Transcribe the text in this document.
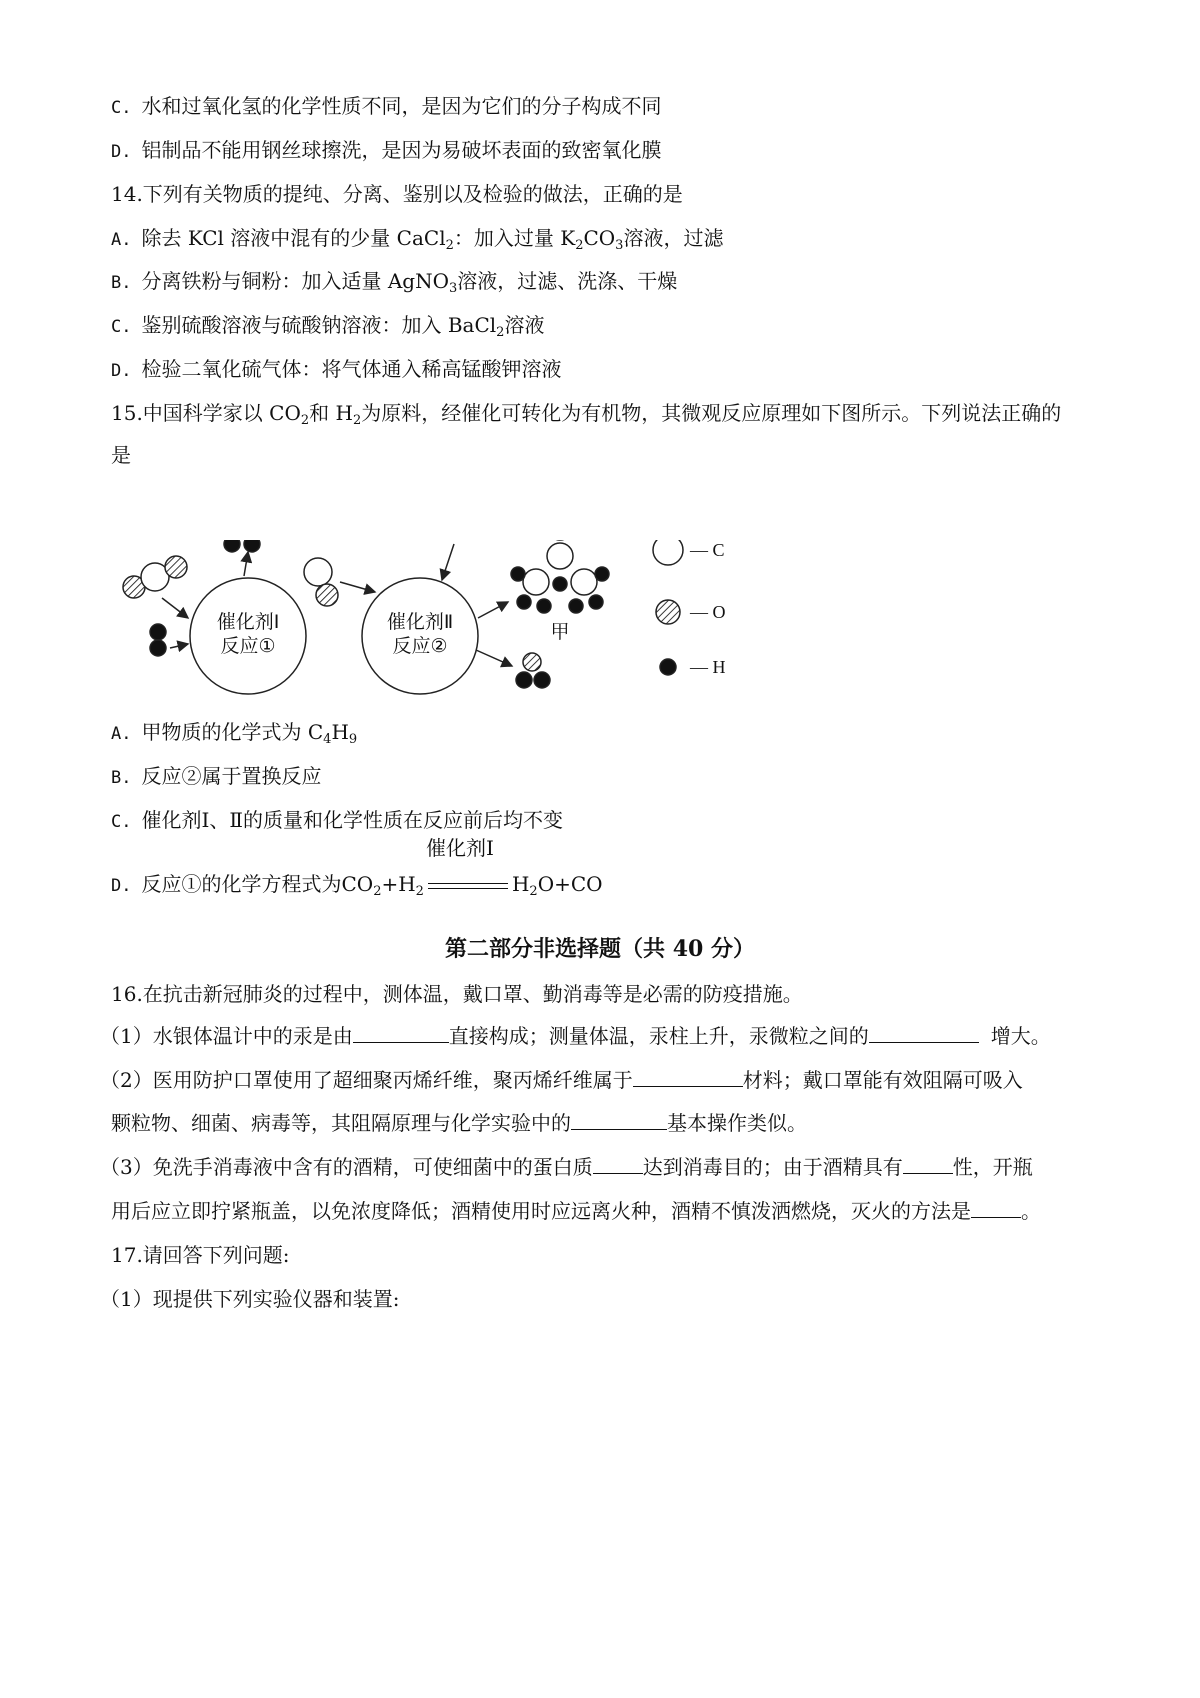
C. 水和过氧化氢的化学性质不同，是因为它们的分子构成不同
D. 铝制品不能用钢丝球擦洗，是因为易破坏表面的致密氧化膜
14.下列有关物质的提纯、分离、鉴别以及检验的做法，正确的是
A. 除去 KCl 溶液中混有的少量 CaCl$_2$：加入过量 $K_2CO_3$溶液，过滤
B. 分离铁粉与铜粉：加入适量 AgNO$_3$溶液，过滤、洗涤、干燥
C. 鉴别硫酸溶液与硫酸钠溶液：加入 BaCl$_2$溶液
D. 检验二氧化硫气体：将气体通入稀高锰酸钾溶液
15.中国科学家以 $CO_2$和 $H_2$为原料，经催化可转化为有机物，其微观反应原理如下图所示。下列说法正确的
是
催化剂Ⅰ
反应①
催化剂Ⅱ
反应②
甲
— C
— O
— H
A. 甲物质的化学式为 $C_4H_9$
B. 反应②属于置换反应
C. 催化剂Ⅰ、Ⅱ的质量和化学性质在反应前后均不变
D. 反应①的化学方程式为$CO_2+H_2$
催化剂I
$H_2O+CO$
第二部分非选择题（共 40 分）
16.在抗击新冠肺炎的过程中，测体温，戴口罩、勤消毒等是必需的防疫措施。
（1）水银体温计中的汞是由	直接构成；测量体温，汞柱上升，汞微粒之间的	增大。
（2）医用防护口罩使用了超细聚丙烯纤维，聚丙烯纤维属于	材料；戴口罩能有效阻隔可吸入
颗粒物、细菌、病毒等，其阻隔原理与化学实验中的	基本操作类似。
（3）免洗手消毒液中含有的酒精，可使细菌中的蛋白质	达到消毒目的；由于酒精具有	性，开瓶
用后应立即拧紧瓶盖，以免浓度降低；酒精使用时应远离火种，酒精不慎泼洒燃烧，灭火的方法是	。
17.请回答下列问题:
（1）现提供下列实验仪器和装置:
